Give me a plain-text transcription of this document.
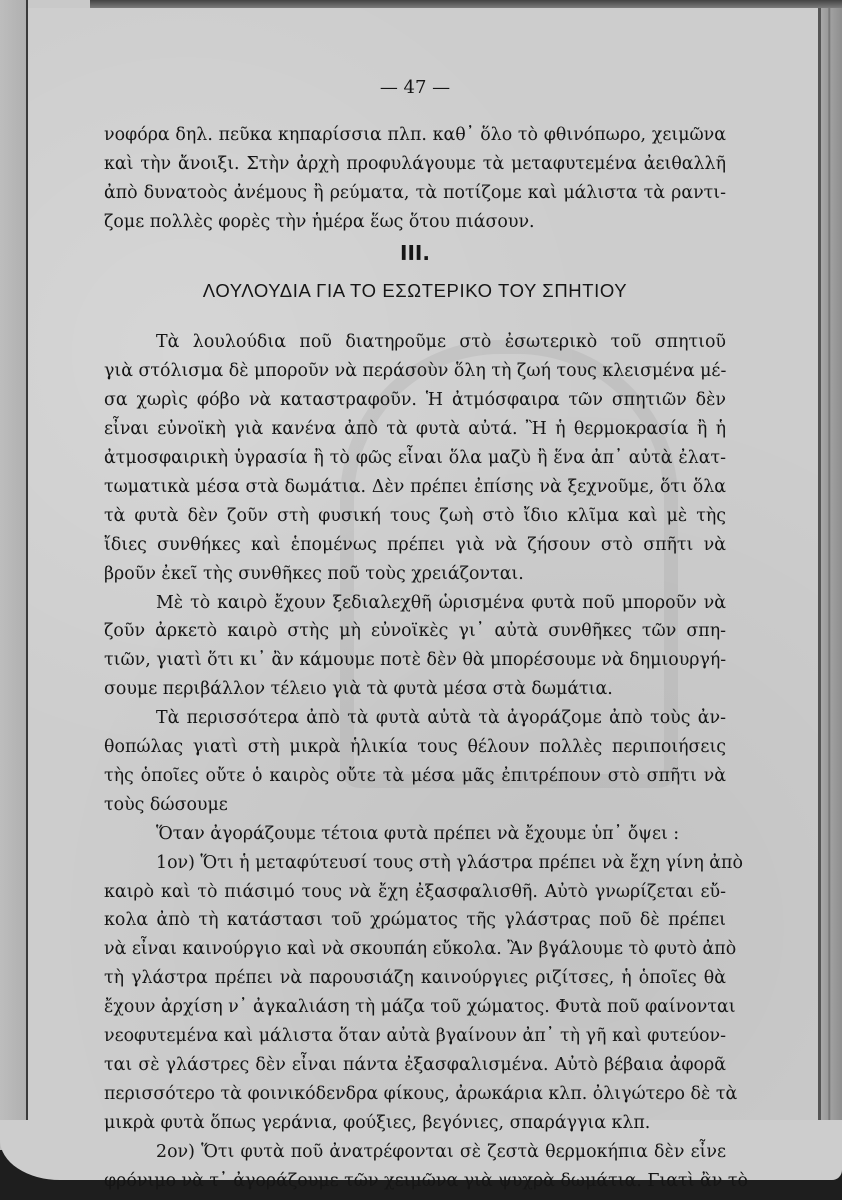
— 47 —
νοφόρα δηλ. πεῦκα κηπαρίσσια πλπ. καθ᾽ ὅλο τὸ φθινόπωρο, χειμῶνα
καὶ τὴν ἄνοιξι. Στὴν ἀρχὴ προφυλάγουμε τὰ μεταφυτεμένα ἀειθαλλῆ
ἀπὸ δυνατοὸς ἀνέμους ἢ ρεύματα, τὰ ποτίζομε καὶ μάλιστα τὰ ραντι-
ζομε πολλὲς φορὲς τὴν ἡμέρα ἕως ὅτου πιάσουν.
ΙΙΙ.
ΛΟΥΛΟΥΔΙΑ ΓΙΑ ΤΟ ΕΣΩΤΕΡΙΚΟ ΤΟΥ ΣΠΗΤΙΟΥ
Τὰ λουλούδια ποῦ διατηροῦμε στὸ ἐσωτερικὸ τοῦ σπητιοῦ
γιὰ στόλισμα δὲ μποροῦν νὰ περάσοὺν ὅλη τὴ ζωή τους κλεισμένα μέ-
σα χωρὶς φόβο νὰ καταστραφοῦν. Ἡ ἀτμόσφαιρα τῶν σπητιῶν δὲν
εἶναι εὐνοϊκὴ γιὰ κανένα ἀπὸ τὰ φυτὰ αὐτά. Ἢ ἡ θερμοκρασία ἢ ἡ
ἀτμοσφαιρικὴ ὑγρασία ἢ τὸ φῶς εἶναι ὅλα μαζὺ ἢ ἕνα ἀπ᾽ αὐτὰ ἐλατ-
τωματικὰ μέσα στὰ δωμάτια. Δὲν πρέπει ἐπίσης νὰ ξεχνοῦμε, ὅτι ὅλα
τὰ φυτὰ δὲν ζοῦν στὴ φυσική τους ζωὴ στὸ ἴδιο κλῖμα καὶ μὲ τὴς
ἴδιες συνθήκες καὶ ἑπομένως πρέπει γιὰ νὰ ζήσουν στὸ σπῆτι νὰ
βροῦν ἐκεῖ τὴς συνθῆκες ποῦ τοὺς χρειάζονται.
Μὲ τὸ καιρὸ ἔχουν ξεδιαλεχθῆ ὡρισμένα φυτὰ ποῦ μποροῦν νὰ
ζοῦν ἀρκετὸ καιρὸ στὴς μὴ εὐνοϊκὲς γι᾽ αὐτὰ συνθῆκες τῶν σπη-
τιῶν, γιατὶ ὅτι κι᾽ ἂν κάμουμε ποτὲ δὲν θὰ μπορέσουμε νὰ δημιουργή-
σουμε περιβάλλον τέλειο γιὰ τὰ φυτὰ μέσα στὰ δωμάτια.
Τὰ περισσότερα ἀπὸ τὰ φυτὰ αὐτὰ τὰ ἀγοράζομε ἀπὸ τοὺς ἀν-
θοπώλας γιατὶ στὴ μικρὰ ἡλικία τους θέλουν πολλὲς περιποιήσεις
τὴς ὁποῖες οὔτε ὁ καιρὸς οὔτε τὰ μέσα μᾶς ἐπιτρέπουν στὸ σπῆτι νὰ
τοὺς δώσουμε
Ὅταν ἀγοράζουμε τέτοια φυτὰ πρέπει νὰ ἔχουμε ὑπ᾽ ὄψει :
1ον) Ὅτι ἡ μεταφύτευσί τους στὴ γλάστρα πρέπει νὰ ἔχη γίνη ἀπὸ
καιρὸ καὶ τὸ πιάσιμό τους νὰ ἔχη ἐξασφαλισθῆ. Αὐτὸ γνωρίζεται εὔ-
κολα ἀπὸ τὴ κατάστασι τοῦ χρώματος τῆς γλάστρας ποῦ δὲ πρέπει
νὰ εἶναι καινούργιο καὶ νὰ σκουπάη εὔκολα. Ἂν βγάλουμε τὸ φυτὸ ἀπὸ
τὴ γλάστρα πρέπει νὰ παρουσιάζη καινούργιες ριζίτσες, ἡ ὁποῖες θὰ
ἔχουν ἀρχίση ν᾽ ἀγκαλιάση τὴ μάζα τοῦ χώματος. Φυτὰ ποῦ φαίνονται
νεοφυτεμένα καὶ μάλιστα ὅταν αὐτὰ βγαίνουν ἀπ᾽ τὴ γῆ καὶ φυτεύον-
ται σὲ γλάστρες δὲν εἶναι πάντα ἐξασφαλισμένα. Αὐτὸ βέβαια ἀφορᾶ
περισσότερο τὰ φοινικόδενδρα φίκους, ἀρωκάρια κλπ. ὀλιγώτερο δὲ τὰ
μικρὰ φυτὰ ὅπως γεράνια, φούξιες, βεγόνιες, σπαράγγια κλπ.
2ον) Ὅτι φυτὰ ποῦ ἀνατρέφονται σὲ ζεστὰ θερμοκήπια δὲν εἶνε
φρόνιμο νὰ τ᾽ ἀγοράζουμε τῶν χειμῶνα γιὰ ψυχρὰ δωμάτια. Γιατὶ ἂν τὸ
